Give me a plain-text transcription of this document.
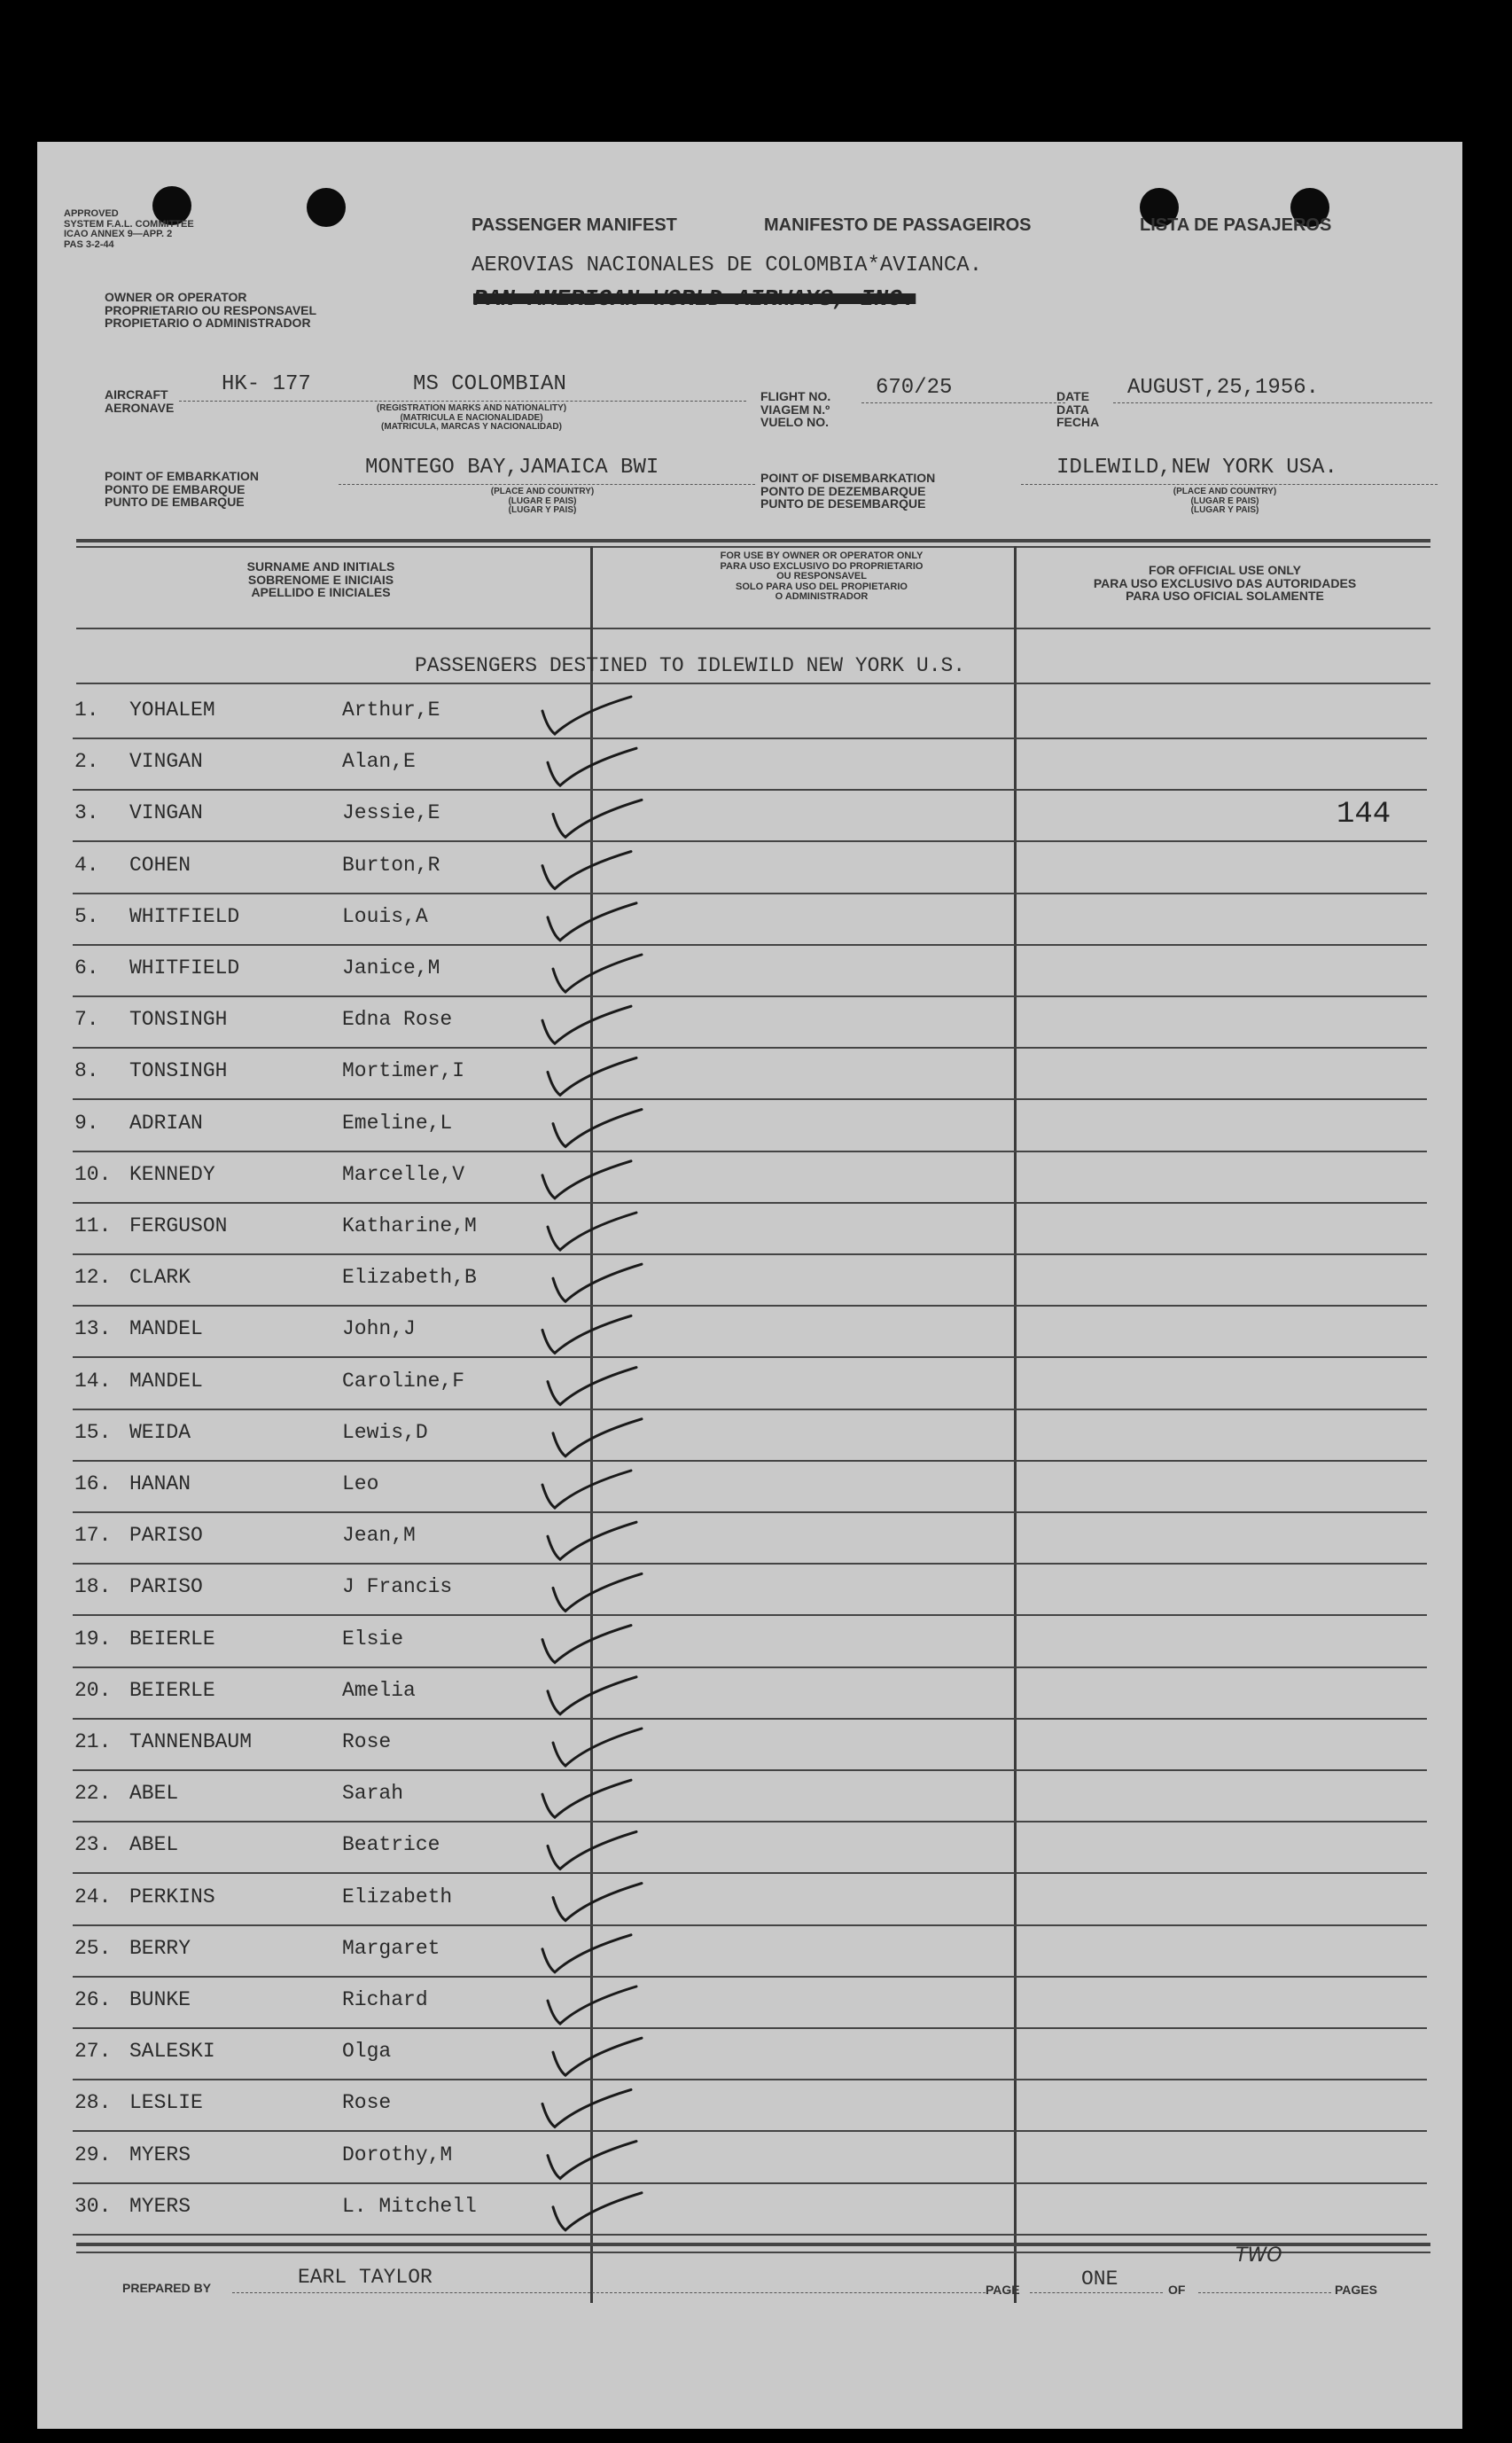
APPROVED
SYSTEM F.A.L. COMMITTEE
ICAO ANNEX 9—APP. 2
PAS 3-2-44
PASSENGER MANIFEST	MANIFESTO DE PASSAGEIROS	LISTA DE PASAJEROS
OWNER OR OPERATOR
PROPRIETARIO OU RESPONSAVEL
PROPIETARIO O ADMINISTRADOR
AEROVIAS NACIONALES DE COLOMBIA*AVIANCA.
PAN AMERICAN WORLD AIRWAYS, INC.
AIRCRAFT
AERONAVE
HK- 177        MS COLOMBIAN
(REGISTRATION MARKS AND NATIONALITY)
(MATRICULA E NACIONALIDADE)
(MATRICULA, MARCAS Y NACIONALIDAD)
FLIGHT NO.
VIAGEM N.º
VUELO NO.
670/25	DATE
DATA
FECHA
AUGUST,25,1956.
POINT OF EMBARKATION
PONTO DE EMBARQUE
PUNTO DE EMBARQUE
MONTEGO BAY,JAMAICA BWI
(PLACE AND COUNTRY)
(LUGAR E PAIS)
(LUGAR Y PAIS)
POINT OF DISEMBARKATION
PONTO DE DEZEMBARQUE
PUNTO DE DESEMBARQUE
IDLEWILD,NEW YORK USA.
(PLACE AND COUNTRY)
(LUGAR E PAIS)
(LUGAR Y PAIS)
SURNAME AND INITIALS
SOBRENOME E INICIAIS
APELLIDO E INICIALES
FOR USE BY OWNER OR OPERATOR ONLY
PARA USO EXCLUSIVO DO PROPRIETARIO
OU RESPONSAVEL
SOLO PARA USO DEL PROPIETARIO
O ADMINISTRADOR
FOR OFFICIAL USE ONLY
PARA USO EXCLUSIVO DAS AUTORIDADES
PARA USO OFICIAL SOLAMENTE
PASSENGERS DESTINED TO IDLEWILD NEW YORK U.S.
144
1.	YOHALEM	Arthur,E
2.	VINGAN	Alan,E
3.	VINGAN	Jessie,E
4.	COHEN	Burton,R
5.	WHITFIELD	Louis,A
6.	WHITFIELD	Janice,M
7.	TONSINGH	Edna Rose
8.	TONSINGH	Mortimer,I
9.	ADRIAN	Emeline,L
10. KENNEDY	Marcelle,V
11. FERGUSON	Katharine,M
12. CLARK	Elizabeth,B
13. MANDEL	John,J
14. MANDEL	Caroline,F
15. WEIDA	Lewis,D
16. HANAN	Leo
17. PARISO	Jean,M
18. PARISO	J Francis
19. BEIERLE	Elsie
20. BEIERLE	Amelia
21. TANNENBAUM	Rose
22. ABEL	Sarah
23. ABEL	Beatrice
24. PERKINS	Elizabeth
25. BERRY	Margaret
26. BUNKE	Richard
27. SALESKI	Olga
28. LESLIE	Rose
29. MYERS	Dorothy,M
30. MYERS	L. Mitchell
PREPARED BY	EARL TAYLOR
PAGE	ONE	OF
TWO
PAGES
